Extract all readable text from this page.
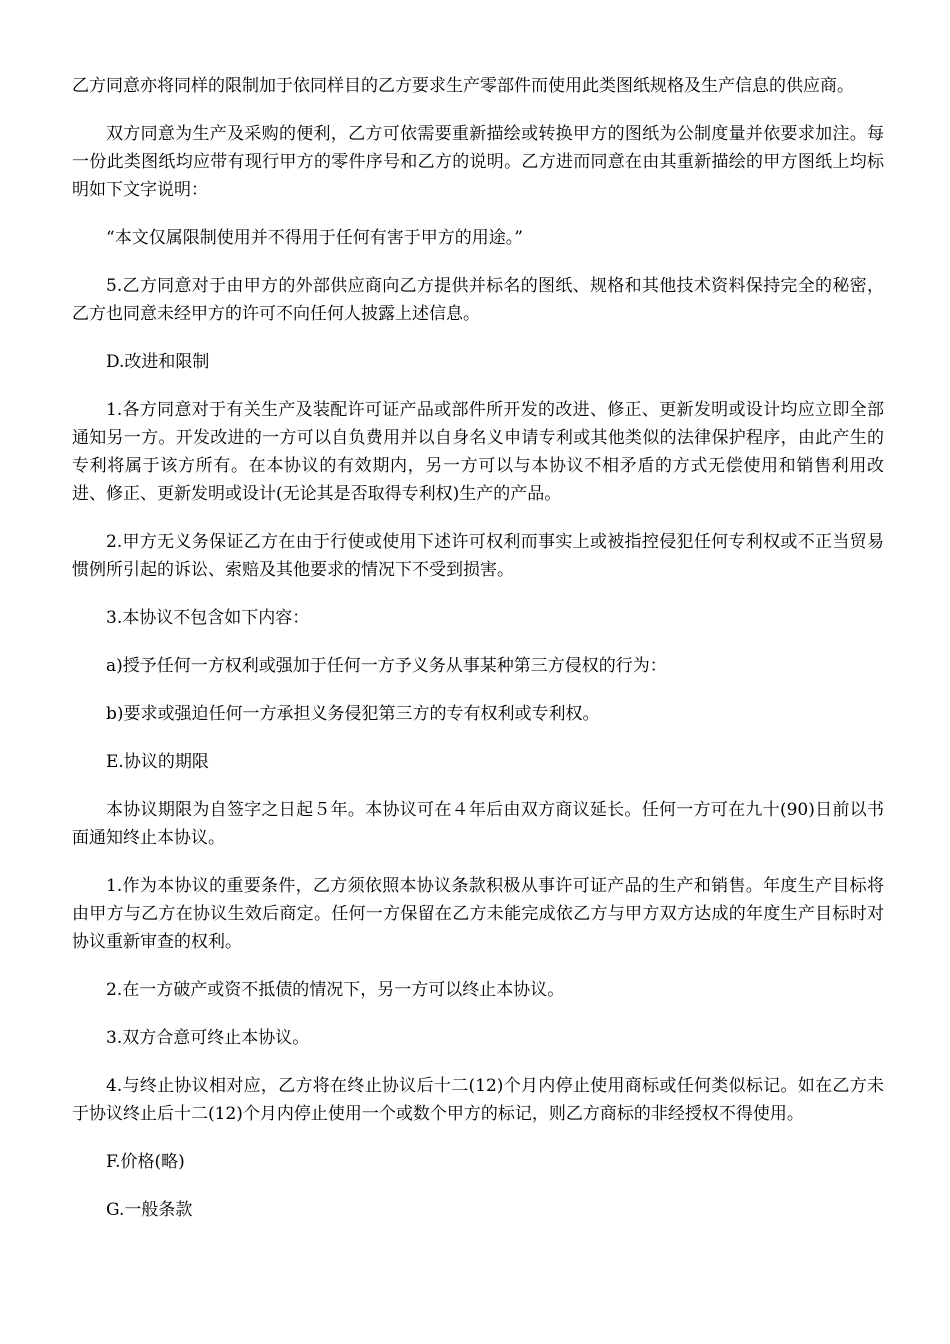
乙方同意亦将同样的限制加于依同样目的乙方要求生产零部件而使用此类图纸规格及生产信息的供应商。

双方同意为生产及采购的便利，乙方可依需要重新描绘或转换甲方的图纸为公制度量并依要求加注。每一份此类图纸均应带有现行甲方的零件序号和乙方的说明。乙方进而同意在由其重新描绘的甲方图纸上均标明如下文字说明：

“本文仅属限制使用并不得用于任何有害于甲方的用途。”

5.乙方同意对于由甲方的外部供应商向乙方提供并标名的图纸、规格和其他技术资料保持完全的秘密，乙方也同意未经甲方的许可不向任何人披露上述信息。

D.改进和限制

1.各方同意对于有关生产及装配许可证产品或部件所开发的改进、修正、更新发明或设计均应立即全部通知另一方。开发改进的一方可以自负费用并以自身名义申请专利或其他类似的法律保护程序，由此产生的专利将属于该方所有。在本协议的有效期内，另一方可以与本协议不相矛盾的方式无偿使用和销售利用改进、修正、更新发明或设计(无论其是否取得专利权)生产的产品。

2.甲方无义务保证乙方在由于行使或使用下述许可权利而事实上或被指控侵犯任何专利权或不正当贸易惯例所引起的诉讼、索赔及其他要求的情况下不受到损害。

3.本协议不包含如下内容：

a)授予任何一方权利或强加于任何一方予义务从事某种第三方侵权的行为：

b)要求或强迫任何一方承担义务侵犯第三方的专有权利或专利权。

E.协议的期限

本协议期限为自签字之日起５年。本协议可在４年后由双方商议延长。任何一方可在九十(90)日前以书面通知终止本协议。

1.作为本协议的重要条件，乙方须依照本协议条款积极从事许可证产品的生产和销售。年度生产目标将由甲方与乙方在协议生效后商定。任何一方保留在乙方未能完成依乙方与甲方双方达成的年度生产目标时对协议重新审查的权利。

2.在一方破产或资不抵债的情况下，另一方可以终止本协议。

3.双方合意可终止本协议。

4.与终止协议相对应，乙方将在终止协议后十二(12)个月内停止使用商标或任何类似标记。如在乙方未于协议终止后十二(12)个月内停止使用一个或数个甲方的标记，则乙方商标的非经授权不得使用。

F.价格(略)

G.一般条款
